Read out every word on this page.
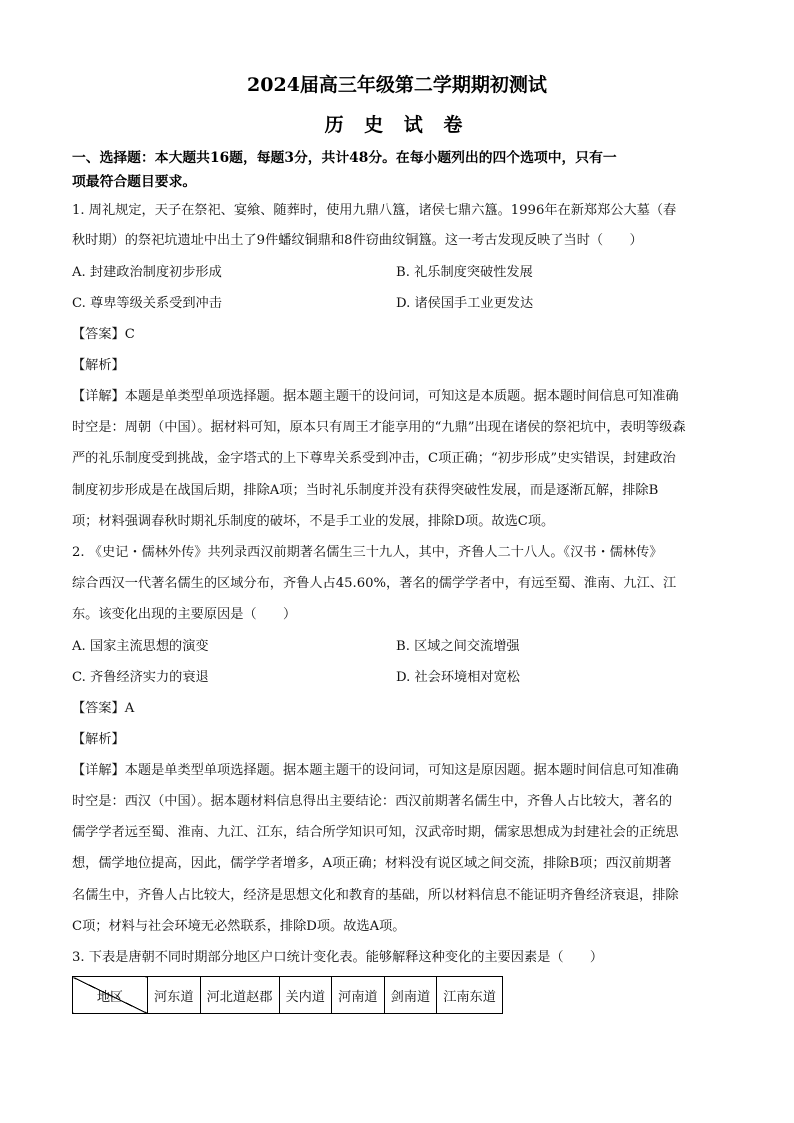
2024届高三年级第二学期期初测试
历 史 试 卷
一、选择题：本大题共16题，每题3分，共计48分。在每小题列出的四个选项中，只有一
项最符合题目要求。
1. 周礼规定，天子在祭祀、宴飨、随葬时，使用九鼎八簋，诸侯七鼎六簋。1996年在新郑郑公大墓（春
秋时期）的祭祀坑遗址中出土了9件蟠纹铜鼎和8件窃曲纹铜簋。这一考古发现反映了当时（　　）
A. 封建政治制度初步形成	B. 礼乐制度突破性发展
C. 尊卑等级关系受到冲击	D. 诸侯国手工业更发达
【答案】C
【解析】
【详解】本题是单类型单项选择题。据本题主题干的设问词，可知这是本质题。据本题时间信息可知准确
时空是：周朝（中国）。据材料可知，原本只有周王才能享用的“九鼎”出现在诸侯的祭祀坑中，表明等级森
严的礼乐制度受到挑战，金字塔式的上下尊卑关系受到冲击，C项正确；“初步形成”史实错误，封建政治
制度初步形成是在战国后期，排除A项；当时礼乐制度并没有获得突破性发展，而是逐渐瓦解，排除B
项；材料强调春秋时期礼乐制度的破坏，不是手工业的发展，排除D项。故选C项。
2. 《史记・儒林外传》共列录西汉前期著名儒生三十九人，其中，齐鲁人二十八人。《汉书・儒林传》
综合西汉一代著名儒生的区域分布，齐鲁人占45.60%，著名的儒学学者中，有远至蜀、淮南、九江、江
东。该变化出现的主要原因是（　　）
A. 国家主流思想的演变	B. 区域之间交流增强
C. 齐鲁经济实力的衰退	D. 社会环境相对宽松
【答案】A
【解析】
【详解】本题是单类型单项选择题。据本题主题干的设问词，可知这是原因题。据本题时间信息可知准确
时空是：西汉（中国）。据本题材料信息得出主要结论：西汉前期著名儒生中，齐鲁人占比较大，著名的
儒学学者远至蜀、淮南、九江、江东，结合所学知识可知，汉武帝时期，儒家思想成为封建社会的正统思
想，儒学地位提高，因此，儒学学者增多，A项正确；材料没有说区域之间交流，排除B项；西汉前期著
名儒生中，齐鲁人占比较大，经济是思想文化和教育的基础，所以材料信息不能证明齐鲁经济衰退，排除
C项；材料与社会环境无必然联系，排除D项。故选A项。
3. 下表是唐朝不同时期部分地区户口统计变化表。能够解释这种变化的主要因素是（　　）
地区	河东道	河北道赵郡	关内道	河南道	剑南道	江南东道
